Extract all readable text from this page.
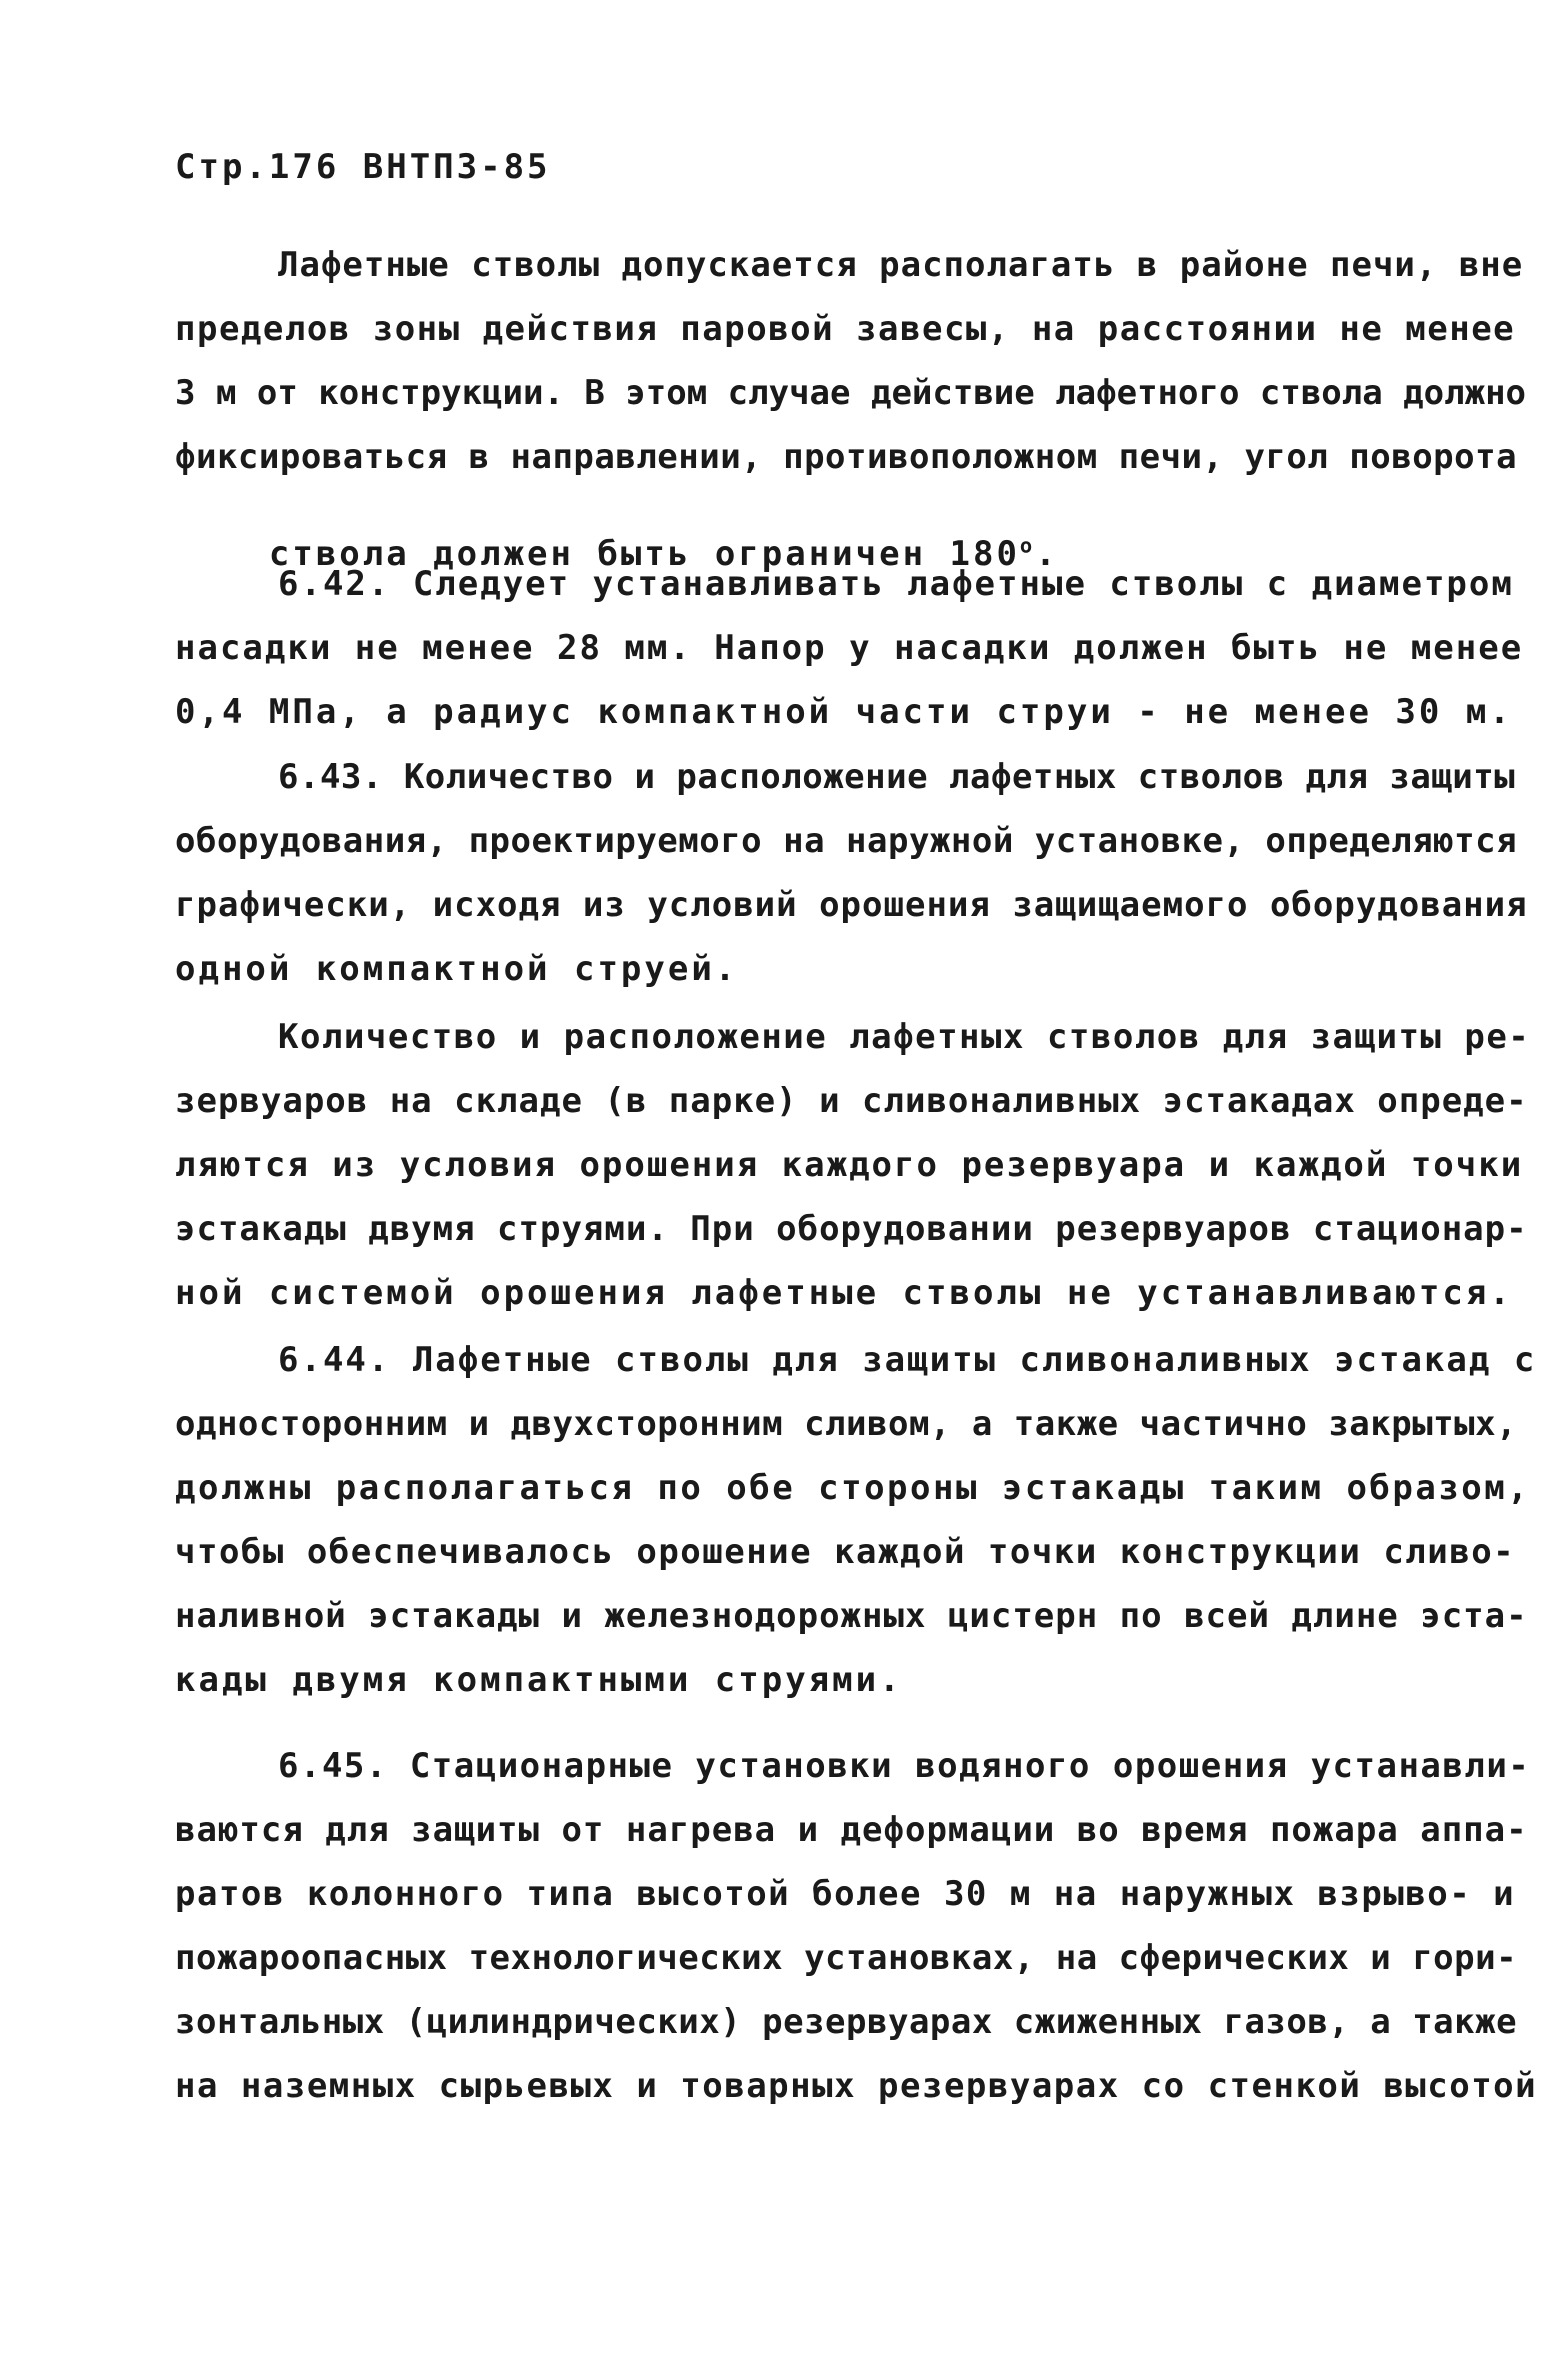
Стр.176 ВНТП3-85
Лафетные стволы допускается располагать в районе печи, вне
пределов зоны действия паровой завесы, на расстоянии не менее
3 м от конструкции. В этом случае действие лафетного ствола должно
фиксироваться в направлении, противоположном печи, угол поворота

ствола должен быть ограничен 180$^o$.

6.42. Следует устанавливать лафетные стволы с диаметром
насадки не менее 28 мм. Напор у насадки должен быть не менее
0,4 МПа, а радиус компактной части струи - не менее 30 м.
6.43. Количество и расположение лафетных стволов для защиты
оборудования, проектируемого на наружной установке, определяются
графически, исходя из условий орошения защищаемого оборудования
одной компактной струей.
Количество и расположение лафетных стволов для защиты ре-
зервуаров на складе (в парке) и сливоналивных эстакадах опреде-
ляются из условия орошения каждого резервуара и каждой точки
эстакады двумя струями. При оборудовании резервуаров стационар-
ной системой орошения лафетные стволы не устанавливаются.
6.44. Лафетные стволы для защиты сливоналивных эстакад с
односторонним и двухсторонним сливом, а также частично закрытых,
должны располагаться по обе стороны эстакады таким образом,
чтобы обеспечивалось орошение каждой точки конструкции сливо-
наливной эстакады и железнодорожных цистерн по всей длине эста-
кады двумя компактными струями.
6.45. Стационарные установки водяного орошения устанавли-
ваются для защиты от нагрева и деформации во время пожара аппа-
ратов колонного типа высотой более 30 м на наружных взрыво- и
пожароопасных технологических установках, на сферических и гори-
зонтальных (цилиндрических) резервуарах сжиженных газов, а также
на наземных сырьевых и товарных резервуарах со стенкой высотой
